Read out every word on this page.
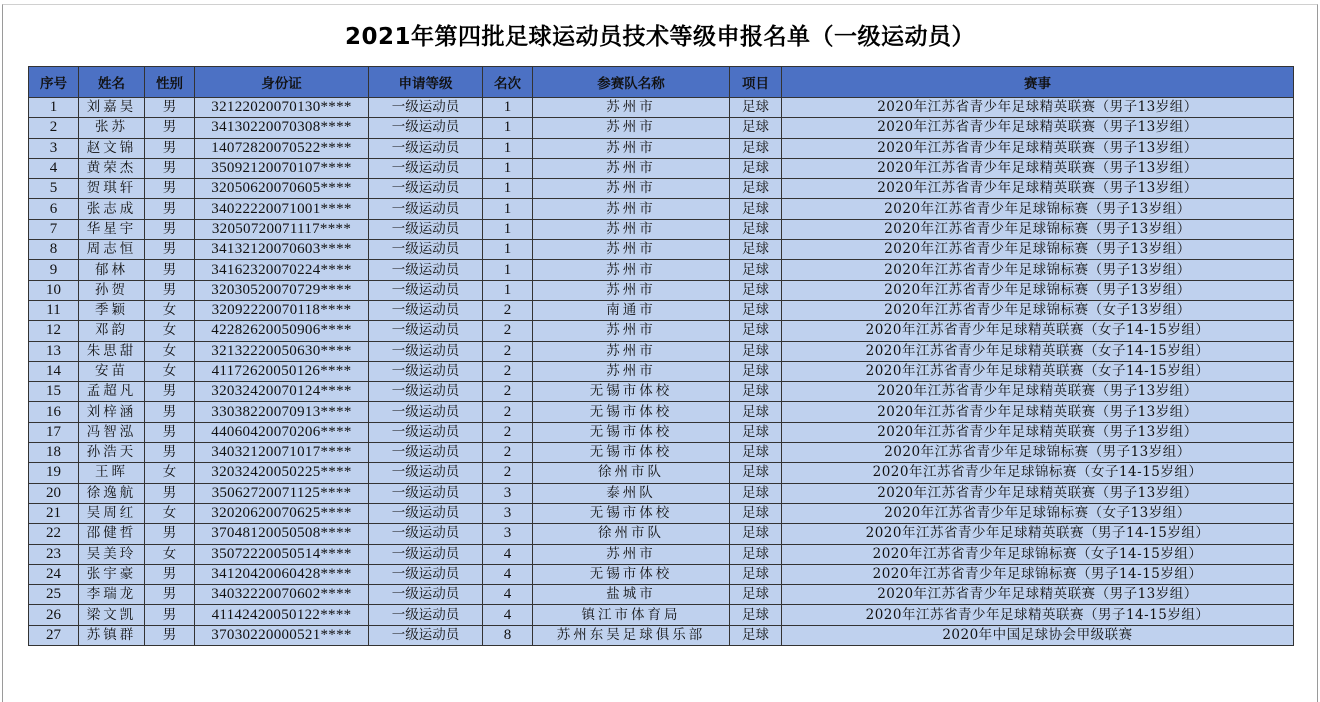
2021年第四批足球运动员技术等级申报名单（一级运动员）
序号	姓名	性别	身份证	申请等级	名次	参赛队名称	项目	赛事
1	刘嘉昊	男	32122020070130****	一级运动员	1	苏州市	足球	2020年江苏省青少年足球精英联赛（男子13岁组）
2	张苏	男	34130220070308****	一级运动员	1	苏州市	足球	2020年江苏省青少年足球精英联赛（男子13岁组）
3	赵文锦	男	14072820070522****	一级运动员	1	苏州市	足球	2020年江苏省青少年足球精英联赛（男子13岁组）
4	黄荣杰	男	35092120070107****	一级运动员	1	苏州市	足球	2020年江苏省青少年足球精英联赛（男子13岁组）
5	贺琪轩	男	32050620070605****	一级运动员	1	苏州市	足球	2020年江苏省青少年足球精英联赛（男子13岁组）
6	张志成	男	34022220071001****	一级运动员	1	苏州市	足球	2020年江苏省青少年足球锦标赛（男子13岁组）
7	华星宇	男	32050720071117****	一级运动员	1	苏州市	足球	2020年江苏省青少年足球锦标赛（男子13岁组）
8	周志恒	男	34132120070603****	一级运动员	1	苏州市	足球	2020年江苏省青少年足球锦标赛（男子13岁组）
9	郁林	男	34162320070224****	一级运动员	1	苏州市	足球	2020年江苏省青少年足球锦标赛（男子13岁组）
10	孙贺	男	32030520070729****	一级运动员	1	苏州市	足球	2020年江苏省青少年足球锦标赛（男子13岁组）
11	季颖	女	32092220070118****	一级运动员	2	南通市	足球	2020年江苏省青少年足球锦标赛（女子13岁组）
12	邓韵	女	42282620050906****	一级运动员	2	苏州市	足球	2020年江苏省青少年足球精英联赛（女子14-15岁组）
13	朱思甜	女	32132220050630****	一级运动员	2	苏州市	足球	2020年江苏省青少年足球精英联赛（女子14-15岁组）
14	安苗	女	41172620050126****	一级运动员	2	苏州市	足球	2020年江苏省青少年足球精英联赛（女子14-15岁组）
15	孟超凡	男	32032420070124****	一级运动员	2	无锡市体校	足球	2020年江苏省青少年足球精英联赛（男子13岁组）
16	刘梓涵	男	33038220070913****	一级运动员	2	无锡市体校	足球	2020年江苏省青少年足球精英联赛（男子13岁组）
17	冯智泓	男	44060420070206****	一级运动员	2	无锡市体校	足球	2020年江苏省青少年足球精英联赛（男子13岁组）
18	孙浩天	男	34032120071017****	一级运动员	2	无锡市体校	足球	2020年江苏省青少年足球锦标赛（男子13岁组）
19	王晖	女	32032420050225****	一级运动员	2	徐州市队	足球	2020年江苏省青少年足球锦标赛（女子14-15岁组）
20	徐逸航	男	35062720071125****	一级运动员	3	泰州队	足球	2020年江苏省青少年足球精英联赛（男子13岁组）
21	吴周红	女	32020620070625****	一级运动员	3	无锡市体校	足球	2020年江苏省青少年足球锦标赛（女子13岁组）
22	邵健哲	男	37048120050508****	一级运动员	3	徐州市队	足球	2020年江苏省青少年足球精英联赛（男子14-15岁组）
23	吴美玲	女	35072220050514****	一级运动员	4	苏州市	足球	2020年江苏省青少年足球锦标赛（女子14-15岁组）
24	张宇豪	男	34120420060428****	一级运动员	4	无锡市体校	足球	2020年江苏省青少年足球锦标赛（男子14-15岁组）
25	李瑞龙	男	34032220070602****	一级运动员	4	盐城市	足球	2020年江苏省青少年足球精英联赛（男子13岁组）
26	梁文凯	男	41142420050122****	一级运动员	4	镇江市体育局	足球	2020年江苏省青少年足球精英联赛（男子14-15岁组）
27	苏镇群	男	37030220000521****	一级运动员	8	苏州东吴足球俱乐部	足球	2020年中国足球协会甲级联赛
